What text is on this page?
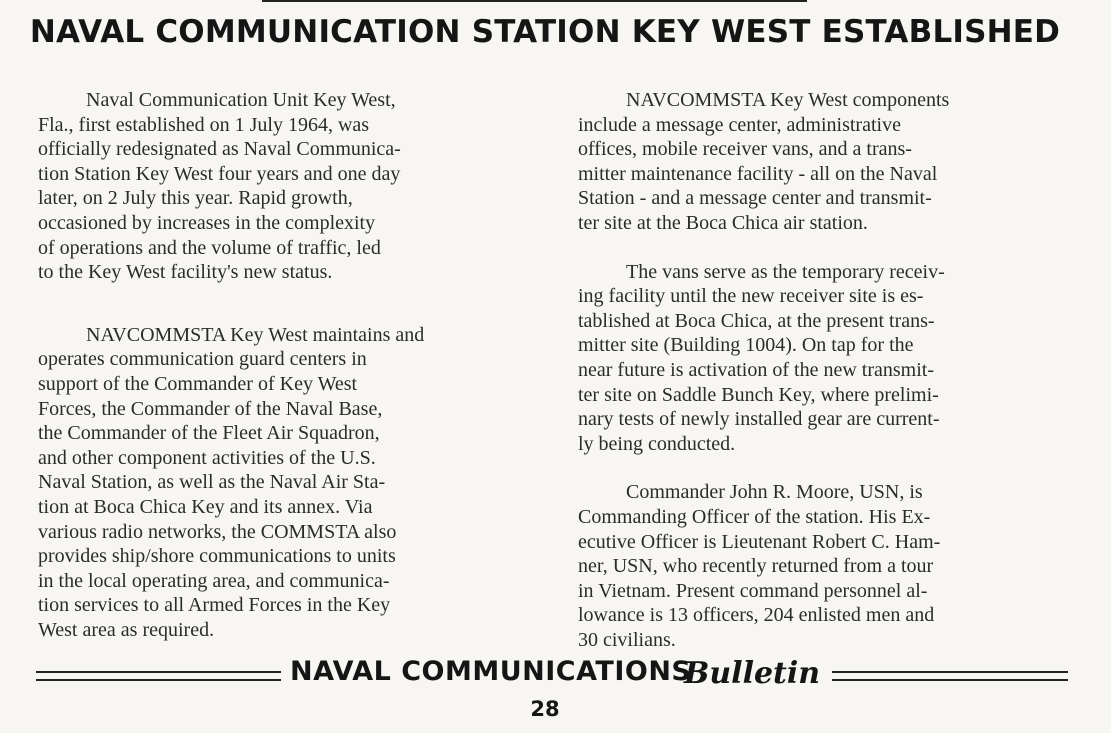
NAVAL COMMUNICATION STATION KEY WEST ESTABLISHED
Naval Communication Unit Key West,
Fla., first established on 1 July 1964, was
officially redesignated as Naval Communica-
tion Station Key West four years and one day
later, on 2 July this year. Rapid growth,
occasioned by increases in the complexity
of operations and the volume of traffic, led
to the Key West facility's new status.
NAVCOMMSTA Key West maintains and
operates communication guard centers in
support of the Commander of Key West
Forces, the Commander of the Naval Base,
the Commander of the Fleet Air Squadron,
and other component activities of the U.S.
Naval Station, as well as the Naval Air Sta-
tion at Boca Chica Key and its annex. Via
various radio networks, the COMMSTA also
provides ship/shore communications to units
in the local operating area, and communica-
tion services to all Armed Forces in the Key
West area as required.
NAVCOMMSTA Key West components
include a message center, administrative
offices, mobile receiver vans, and a trans-
mitter maintenance facility - all on the Naval
Station - and a message center and transmit-
ter site at the Boca Chica air station.
The vans serve as the temporary receiv-
ing facility until the new receiver site is es-
tablished at Boca Chica, at the present trans-
mitter site (Building 1004). On tap for the
near future is activation of the new transmit-
ter site on Saddle Bunch Key, where prelimi-
nary tests of newly installed gear are current-
ly being conducted.
Commander John R. Moore, USN, is
Commanding Officer of the station. His Ex-
ecutive Officer is Lieutenant Robert C. Ham-
ner, USN, who recently returned from a tour
in Vietnam. Present command personnel al-
lowance is 13 officers, 204 enlisted men and
30 civilians.
NAVAL COMMUNICATIONS
Bulletin
28
